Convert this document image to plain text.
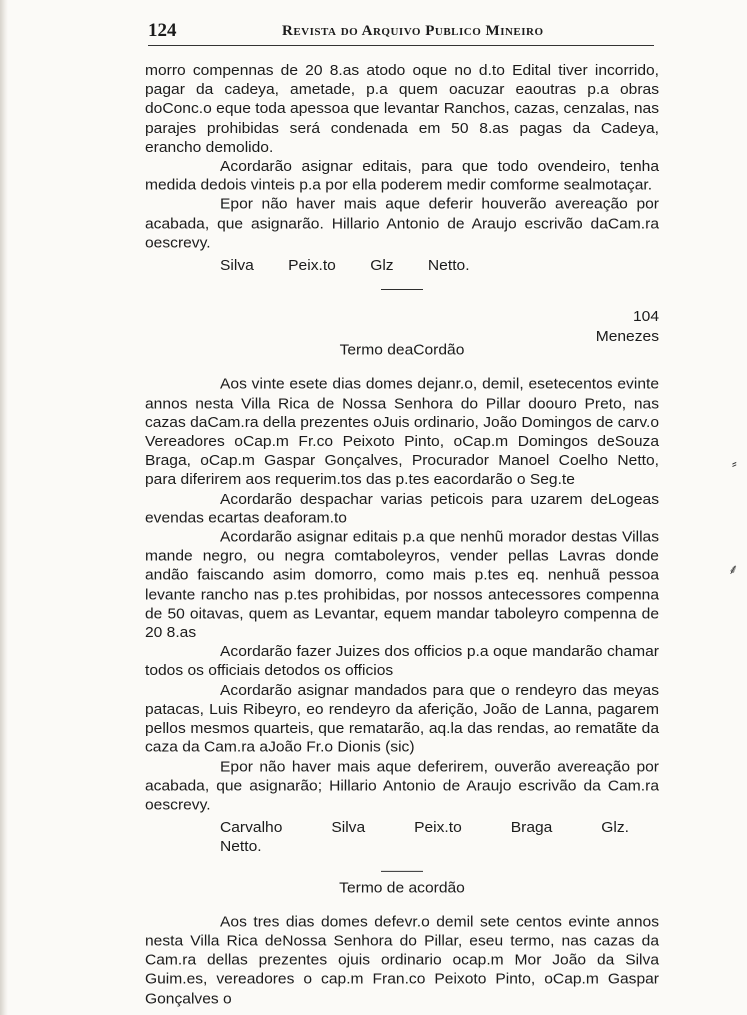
124	Revista do Arquivo Publico Mineiro

morro compennas de 20 8.as atodo oque no d.to Edital tiver incorrido, pagar da cadeya, ametade, p.a quem oacuzar eaoutras p.a obras doConc.o eque toda apessoa que levantar Ranchos, cazas, cenzalas, nas parajes prohibidas será condenada em 50 8.as pagas da Cadeya, erancho demolido.

Acordarão asignar editais, para que todo ovendeiro, tenha medida dedois vinteis p.a por ella poderem medir comforme sealmotaçar.

Epor não haver mais aque deferir houverão avereação por acabada, que asignarão. Hillario Antonio de Araujo escrivão daCam.ra oescrevy.

Silva Peix.to Glz Netto.
104
Menezes
Termo deaCordão

Aos vinte esete dias domes dejanr.o, demil, esetecentos evinte annos nesta Villa Rica de Nossa Senhora do Pillar doouro Preto, nas cazas daCam.ra della prezentes oJuis ordinario, João Domingos de carv.o Vereadores oCap.m Fr.co Peixoto Pinto, oCap.m Domingos deSouza Braga, oCap.m Gaspar Gonçalves, Procurador Manoel Coelho Netto, para diferirem aos requerim.tos das p.tes eacordarão o Seg.te

Acordarão despachar varias peticois para uzarem deLogeas evendas ecartas deaforam.to

Acordarão asignar editais p.a que nenhũ morador destas Villas mande negro, ou negra comtaboleyros, vender pellas Lavras donde andão faiscando asim domorro, como mais p.tes eq. nenhuã pessoa levante rancho nas p.tes prohibidas, por nossos antecessores compenna de 50 oitavas, quem as Levantar, equem mandar taboleyro compenna de 20 8.as

Acordarão fazer Juizes dos officios p.a oque mandarão chamar todos os officiais detodos os officios

Acordarão asignar mandados para que o rendeyro das meyas patacas, Luis Ribeyro, eo rendeyro da aferição, João de Lanna, pagarem pellos mesmos quarteis, que rematarão, aq.la das rendas, ao rematãte da caza da Cam.ra aJoão Fr.o Dionis (sic)

Epor não haver mais aque deferirem, ouverão avereação por acabada, que asignarão; Hillario Antonio de Araujo escrivão da Cam.ra oescrevy.

Carvalho	Silva	Peix.to	Braga	Glz. Netto.
Termo de acordão

Aos tres dias domes defevr.o demil sete centos evinte annos nesta Villa Rica deNossa Senhora do Pillar, eseu termo, nas cazas da Cam.ra dellas prezentes ojuis ordinario ocap.m Mor João da Silva Guim.es, vereadores o cap.m Fran.co Peixoto Pinto, oCap.m Gaspar Gonçalves o

⸗
⸙
